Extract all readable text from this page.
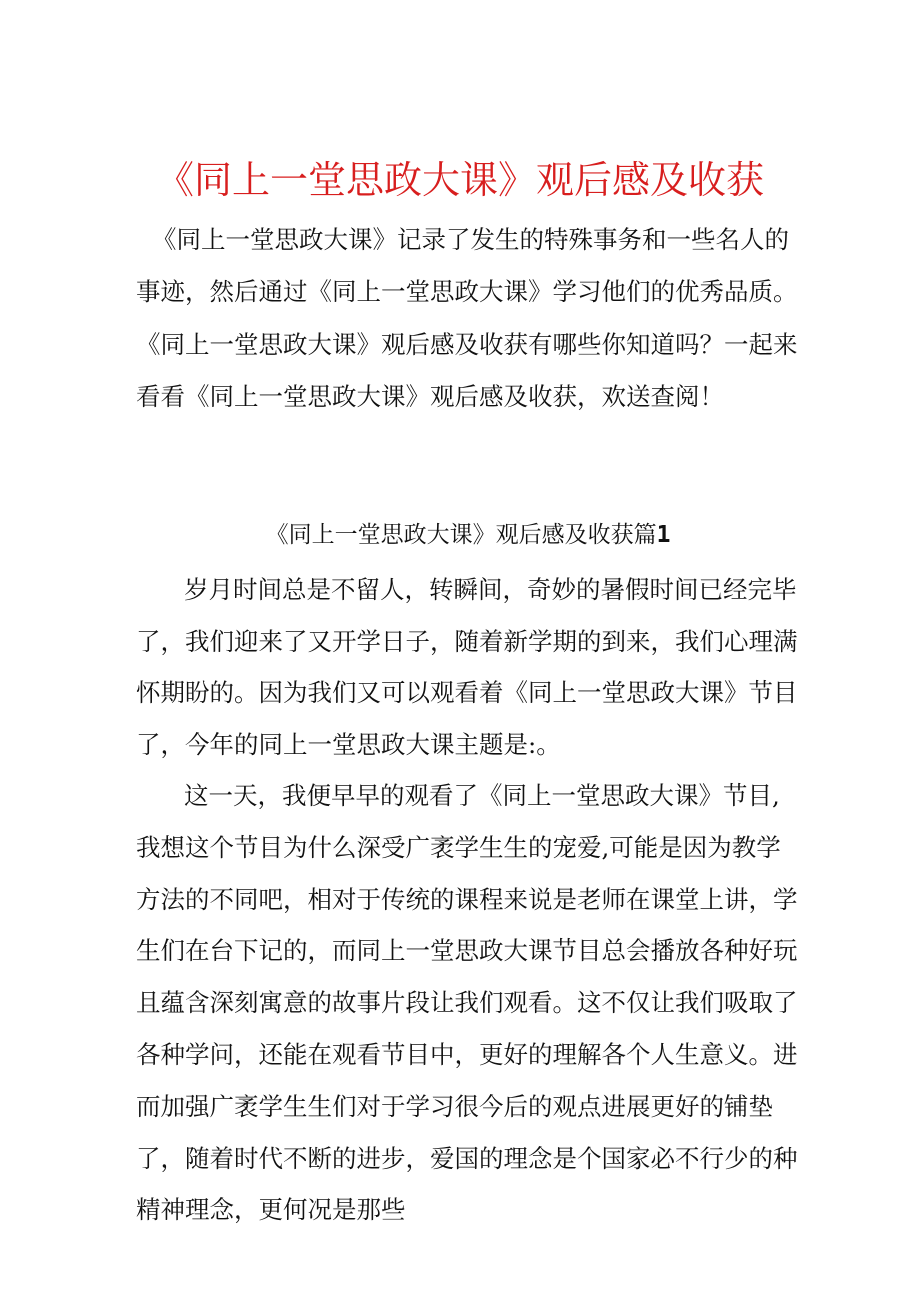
《同上一堂思政大课》观后感及收获

《同上一堂思政大课》记录了发生的特殊事务和一些名人的事迹，然后通过《同上一堂思政大课》学习他们的优秀品质。《同上一堂思政大课》观后感及收获有哪些你知道吗？一起来看看《同上一堂思政大课》观后感及收获，欢送查阅！

《同上一堂思政大课》观后感及收获篇1

岁月时间总是不留人，转瞬间，奇妙的暑假时间已经完毕了，我们迎来了又开学日子，随着新学期的到来，我们心理满怀期盼的。因为我们又可以观看着《同上一堂思政大课》节目了，今年的同上一堂思政大课主题是:。

这一天，我便早早的观看了《同上一堂思政大课》节目,我想这个节目为什么深受广袤学生生的宠爱,可能是因为教学方法的不同吧，相对于传统的课程来说是老师在课堂上讲，学生们在台下记的，而同上一堂思政大课节目总会播放各种好玩且蕴含深刻寓意的故事片段让我们观看。这不仅让我们吸取了各种学问，还能在观看节目中，更好的理解各个人生意义。进而加强广袤学生生们对于学习很今后的观点进展更好的铺垫了，随着时代不断的进步，爱国的理念是个国家必不行少的种精神理念，更何况是那些
